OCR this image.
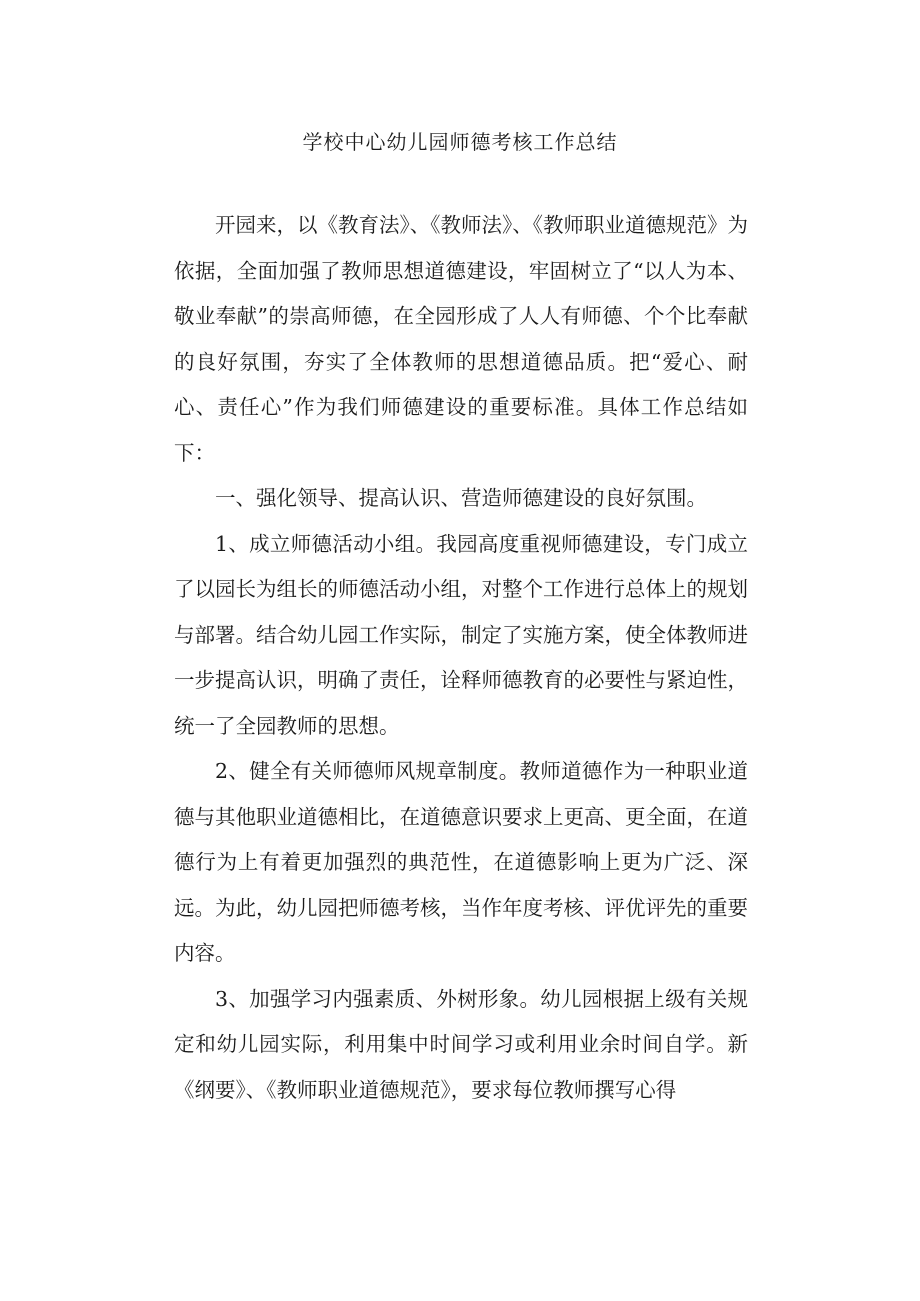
学校中心幼儿园师德考核工作总结

开园来，以《教育法》、《教师法》、《教师职业道德规范》为依据，全面加强了教师思想道德建设，牢固树立了“以人为本、敬业奉献”的崇高师德，在全园形成了人人有师德、个个比奉献的良好氛围，夯实了全体教师的思想道德品质。把“爱心、耐心、责任心”作为我们师德建设的重要标准。具体工作总结如下：

一、强化领导、提高认识、营造师德建设的良好氛围。

1、成立师德活动小组。我园高度重视师德建设，专门成立了以园长为组长的师德活动小组，对整个工作进行总体上的规划与部署。结合幼儿园工作实际，制定了实施方案，使全体教师进一步提高认识，明确了责任，诠释师德教育的必要性与紧迫性，统一了全园教师的思想。

2、健全有关师德师风规章制度。教师道德作为一种职业道德与其他职业道德相比，在道德意识要求上更高、更全面，在道德行为上有着更加强烈的典范性，在道德影响上更为广泛、深远。为此，幼儿园把师德考核，当作年度考核、评优评先的重要内容。

3、加强学习内强素质、外树形象。幼儿园根据上级有关规定和幼儿园实际，利用集中时间学习或利用业余时间自学。新《纲要》、《教师职业道德规范》，要求每位教师撰写心得
